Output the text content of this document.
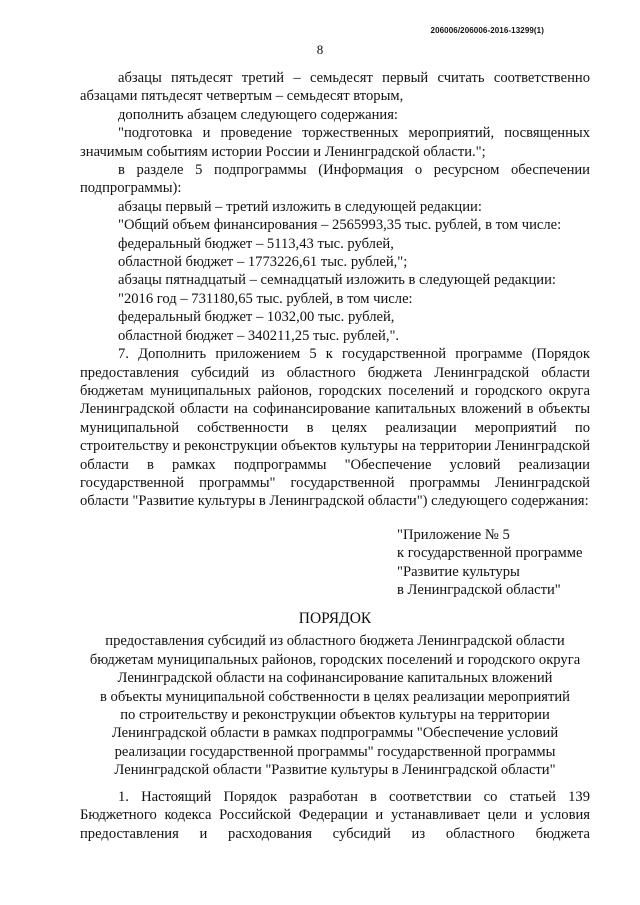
206006/206006-2016-13299(1)
8

абзацы пятьдесят третий – семьдесят первый считать соответственно абзацами пятьдесят четвертым – семьдесят вторым,

дополнить абзацем следующего содержания:

"подготовка и проведение торжественных мероприятий, посвященных значимым событиям истории России и Ленинградской области.";

в разделе 5 подпрограммы (Информация о ресурсном обеспечении подпрограммы):

абзацы первый – третий изложить в следующей редакции:

"Общий объем финансирования – 2565993,35 тыс. рублей, в том числе:

федеральный бюджет – 5113,43 тыс. рублей,

областной бюджет – 1773226,61 тыс. рублей,";

абзацы пятнадцатый – семнадцатый изложить в следующей редакции:

"2016 год – 731180,65 тыс. рублей, в том числе:

федеральный бюджет – 1032,00 тыс. рублей,

областной бюджет – 340211,25 тыс. рублей,".

7. Дополнить приложением 5 к государственной программе (Порядок предоставления субсидий из областного бюджета Ленинградской области бюджетам муниципальных районов, городских поселений и городского округа Ленинградской области на софинансирование капитальных вложений в объекты муниципальной собственности в целях реализации мероприятий по строительству и реконструкции объектов культуры на территории Ленинградской области в рамках подпрограммы "Обеспечение условий реализации государственной программы" государственной программы Ленинградской области "Развитие культуры в Ленинградской области") следующего содержания:

"Приложение № 5
к государственной программе
"Развитие культуры
в Ленинградской области"
ПОРЯДОК
предоставления субсидий из областного бюджета Ленинградской области
бюджетам муниципальных районов, городских поселений и городского округа
Ленинградской области на софинансирование капитальных вложений
в объекты муниципальной собственности в целях реализации мероприятий
по строительству и реконструкции объектов культуры на территории
Ленинградской области в рамках подпрограммы "Обеспечение условий
реализации государственной программы" государственной программы
Ленинградской области "Развитие культуры в Ленинградской области"
1. Настоящий Порядок разработан в соответствии со статьей 139
Бюджетного кодекса Российской Федерации и устанавливает цели и условия
предоставления и расходования субсидий из областного бюджета
